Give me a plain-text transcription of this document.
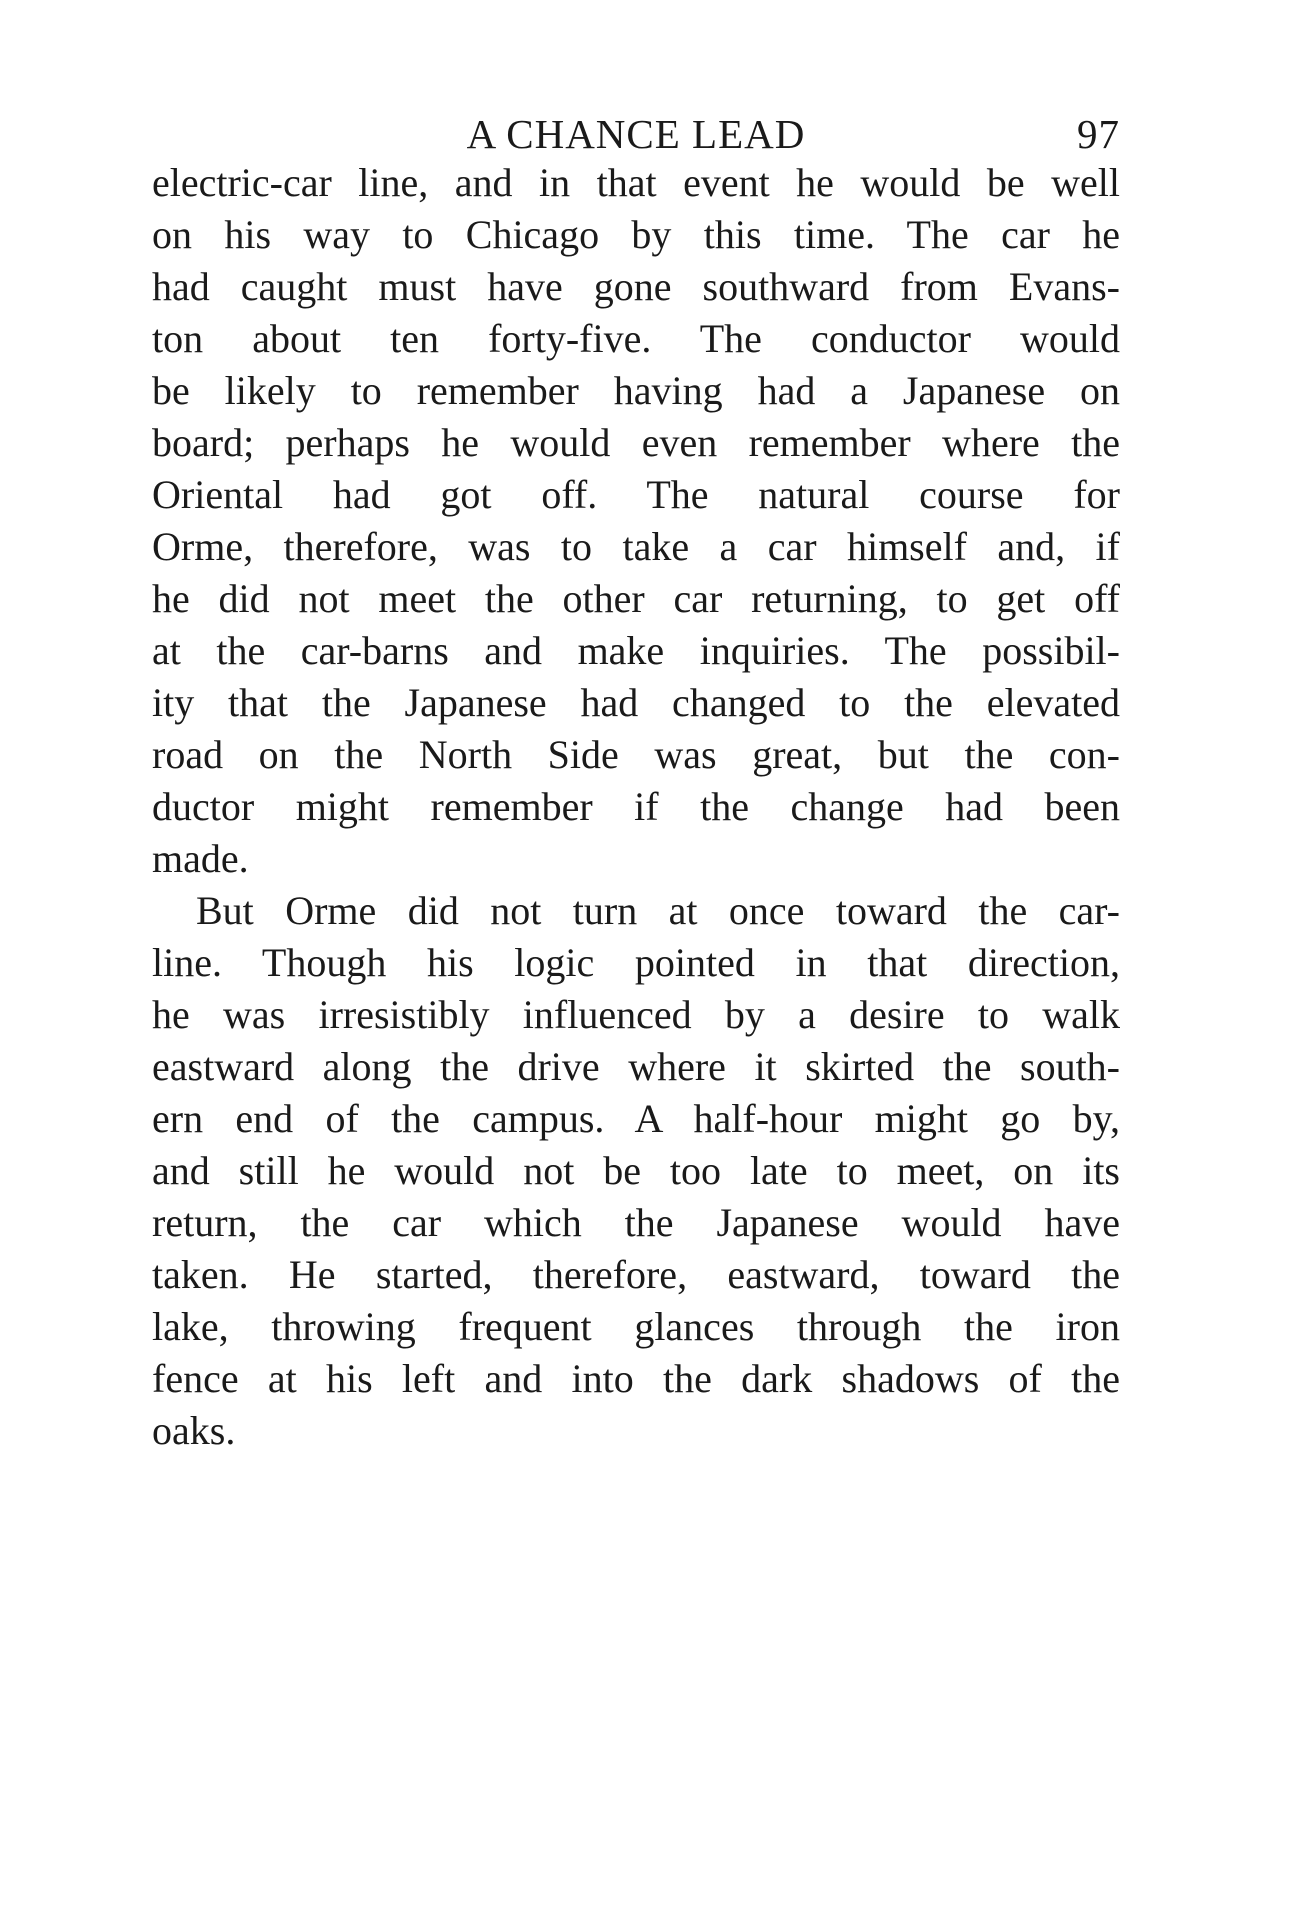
A CHANCE LEAD	97
electric-car line, and in that event he would be well
on his way to Chicago by this time. The car he
had caught must have gone southward from Evans-
ton about ten forty-five. The conductor would
be likely to remember having had a Japanese on
board; perhaps he would even remember where the
Oriental had got off. The natural course for
Orme, therefore, was to take a car himself and, if
he did not meet the other car returning, to get off
at the car-barns and make inquiries. The possibil-
ity that the Japanese had changed to the elevated
road on the North Side was great, but the con-
ductor might remember if the change had been
made.
But Orme did not turn at once toward the car-
line. Though his logic pointed in that direction,
he was irresistibly influenced by a desire to walk
eastward along the drive where it skirted the south-
ern end of the campus. A half-hour might go by,
and still he would not be too late to meet, on its
return, the car which the Japanese would have
taken. He started, therefore, eastward, toward the
lake, throwing frequent glances through the iron
fence at his left and into the dark shadows of the
oaks.
